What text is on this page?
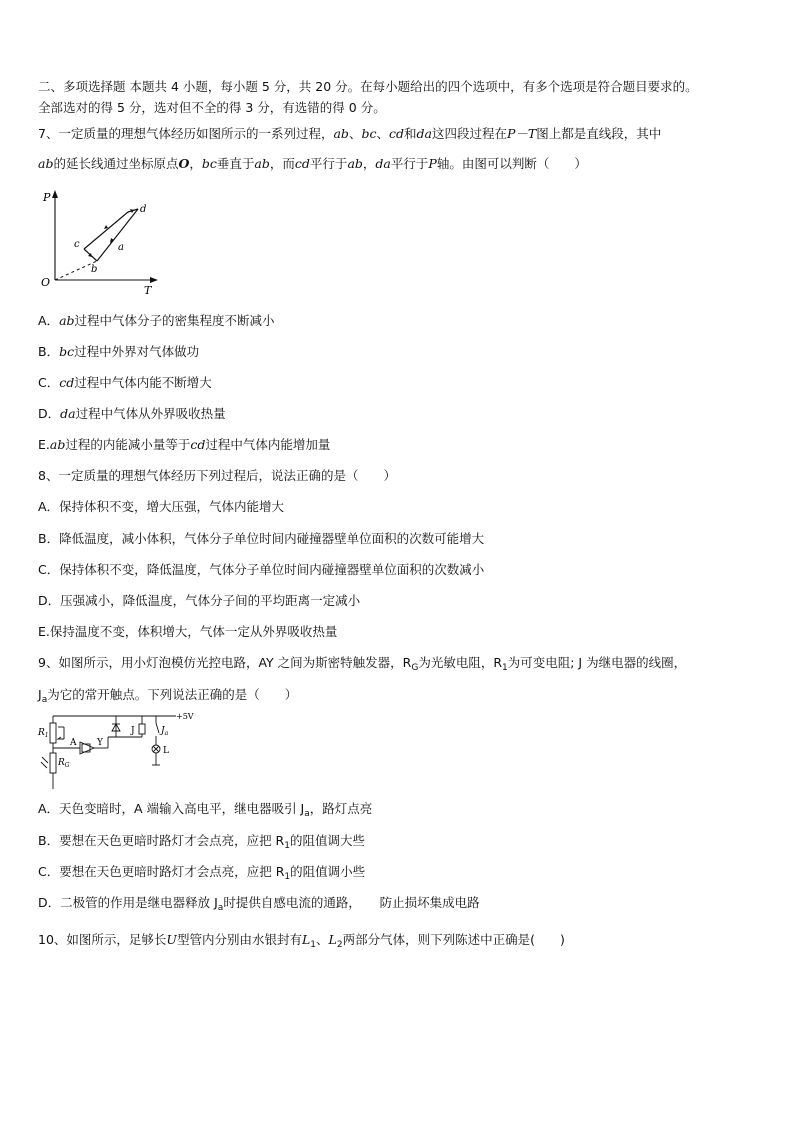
二、多项选择题 本题共 4 小题，每小题 5 分，共 20 分。在每小题给出的四个选项中，有多个选项是符合题目要求的。
全部选对的得 5 分，选对但不全的得 3 分，有选错的得 0 分。
7、一定质量的理想气体经历如图所示的一系列过程，ab、bc、cd和da这四段过程在P－T图上都是直线段，其中
ab的延长线通过坐标原点O，bc垂直于ab，而cd平行于ab，da平行于P轴。由图可以判断（　　）
P
T
O
a
b
c
d
A．ab过程中气体分子的密集程度不断减小
B．bc过程中外界对气体做功
C．cd过程中气体内能不断增大
D．da过程中气体从外界吸收热量
E.ab过程的内能减小量等于cd过程中气体内能增加量
8、一定质量的理想气体经历下列过程后，说法正确的是（　　）
A．保持体积不变，增大压强，气体内能增大
B．降低温度，减小体积，气体分子单位时间内碰撞器壁单位面积的次数可能增大
C．保持体积不变，降低温度，气体分子单位时间内碰撞器壁单位面积的次数减小
D．压强减小，降低温度，气体分子间的平均距离一定减小
E.保持温度不变，体积增大，气体一定从外界吸收热量
9、如图所示，用小灯泡模仿光控电路，AY 之间为斯密特触发器，$R_G$为光敏电阻，$R_1$为可变电阻; J 为继电器的线圈，
$J_a$为它的常开触点。下列说法正确的是（　　）
+5V
$R_1$
$R_G$
A Y
J	$J_a$
L
A．天色变暗时，A 端输入高电平，继电器吸引 $J_a$，路灯点亮
B．要想在天色更暗时路灯才会点亮，应把 $R_1$的阻值调大些
C．要想在天色更暗时路灯才会点亮，应把 $R_1$的阻值调小些
D．二极管的作用是继电器释放 $J_a$时提供自感电流的通路，　　防止损坏集成电路
10、如图所示，足够长U型管内分别由水银封有$L_1$、$L_2$两部分气体，则下列陈述中正确是(　　)
